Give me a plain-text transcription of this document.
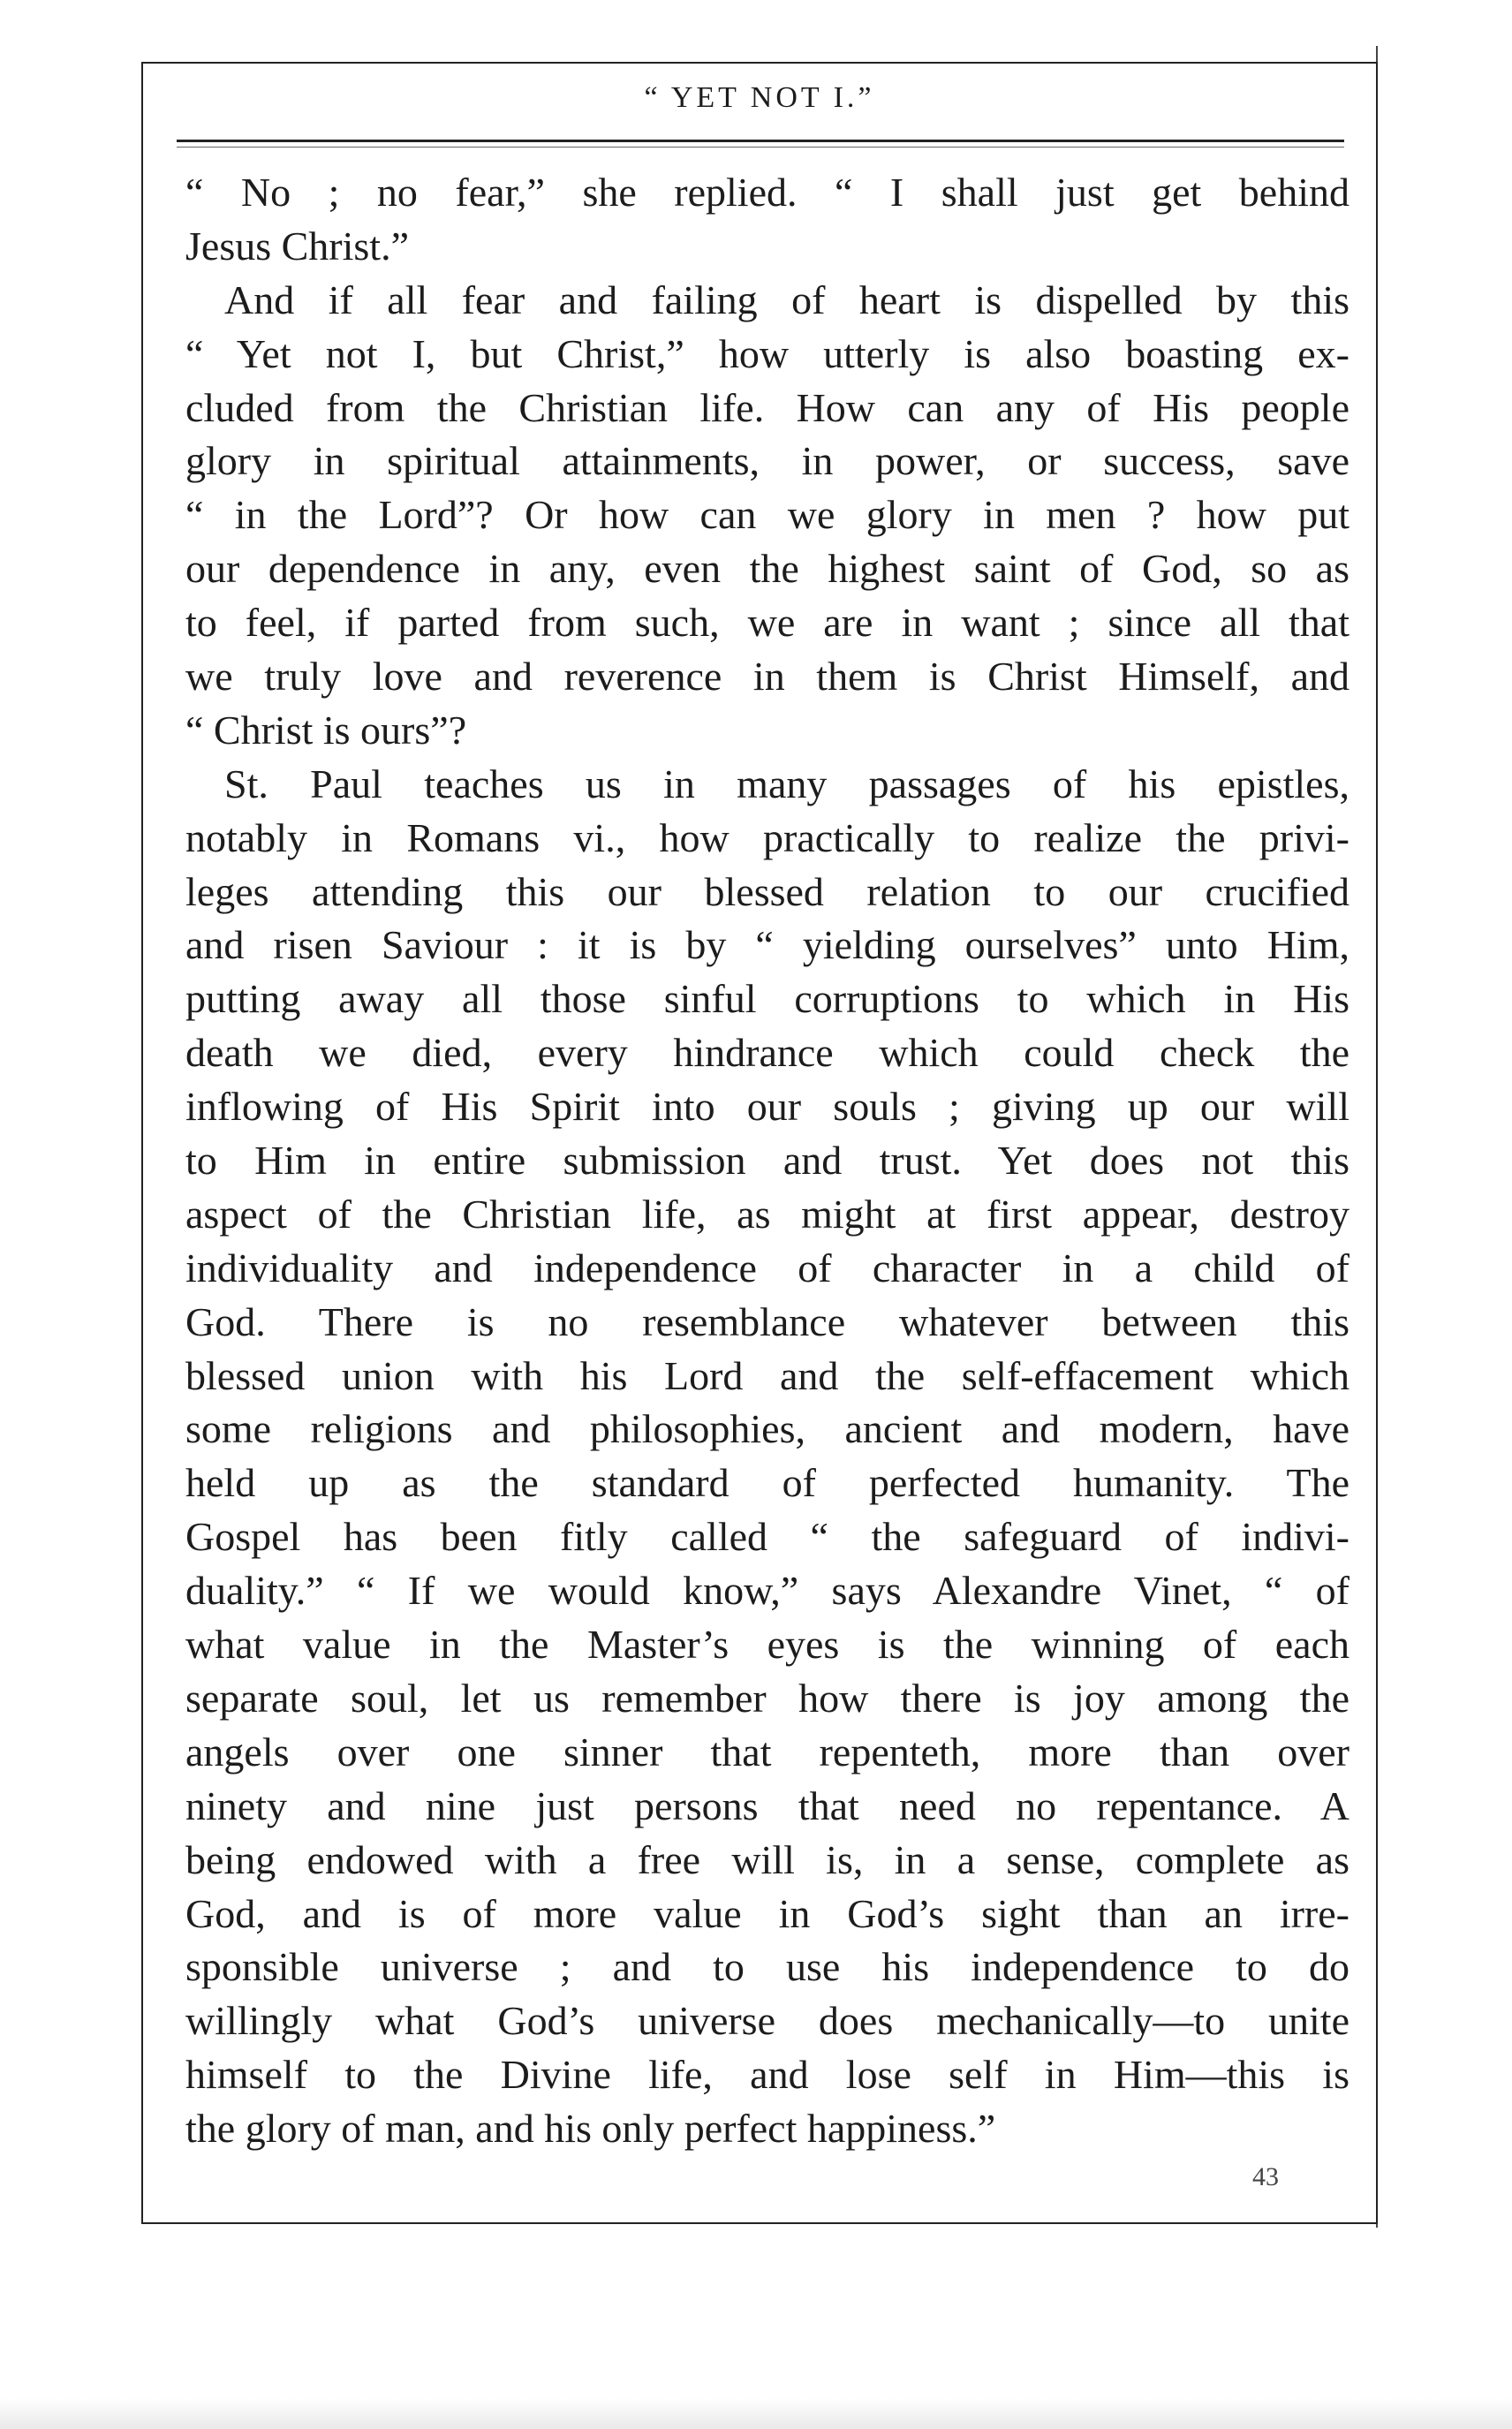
“ YET NOT I.”
“ No ; no fear,” she replied. “ I shall just get behind
Jesus Christ.”
And if all fear and failing of heart is dispelled by this
“ Yet not I, but Christ,” how utterly is also boasting ex-
cluded from the Christian life. How can any of His people
glory in spiritual attainments, in power, or success, save
“ in the Lord”? Or how can we glory in men ? how put
our dependence in any, even the highest saint of God, so as
to feel, if parted from such, we are in want ; since all that
we truly love and reverence in them is Christ Himself, and
“ Christ is ours”?
St. Paul teaches us in many passages of his epistles,
notably in Romans vi., how practically to realize the privi-
leges attending this our blessed relation to our crucified
and risen Saviour : it is by “ yielding ourselves” unto Him,
putting away all those sinful corruptions to which in His
death we died, every hindrance which could check the
inflowing of His Spirit into our souls ; giving up our will
to Him in entire submission and trust. Yet does not this
aspect of the Christian life, as might at first appear, destroy
individuality and independence of character in a child of
God. There is no resemblance whatever between this
blessed union with his Lord and the self-effacement which
some religions and philosophies, ancient and modern, have
held up as the standard of perfected humanity. The
Gospel has been fitly called “ the safeguard of indivi-
duality.” “ If we would know,” says Alexandre Vinet, “ of
what value in the Master’s eyes is the winning of each
separate soul, let us remember how there is joy among the
angels over one sinner that repenteth, more than over
ninety and nine just persons that need no repentance. A
being endowed with a free will is, in a sense, complete as
God, and is of more value in God’s sight than an irre-
sponsible universe ; and to use his independence to do
willingly what God’s universe does mechanically—to unite
himself to the Divine life, and lose self in Him—this is
the glory of man, and his only perfect happiness.”
43
